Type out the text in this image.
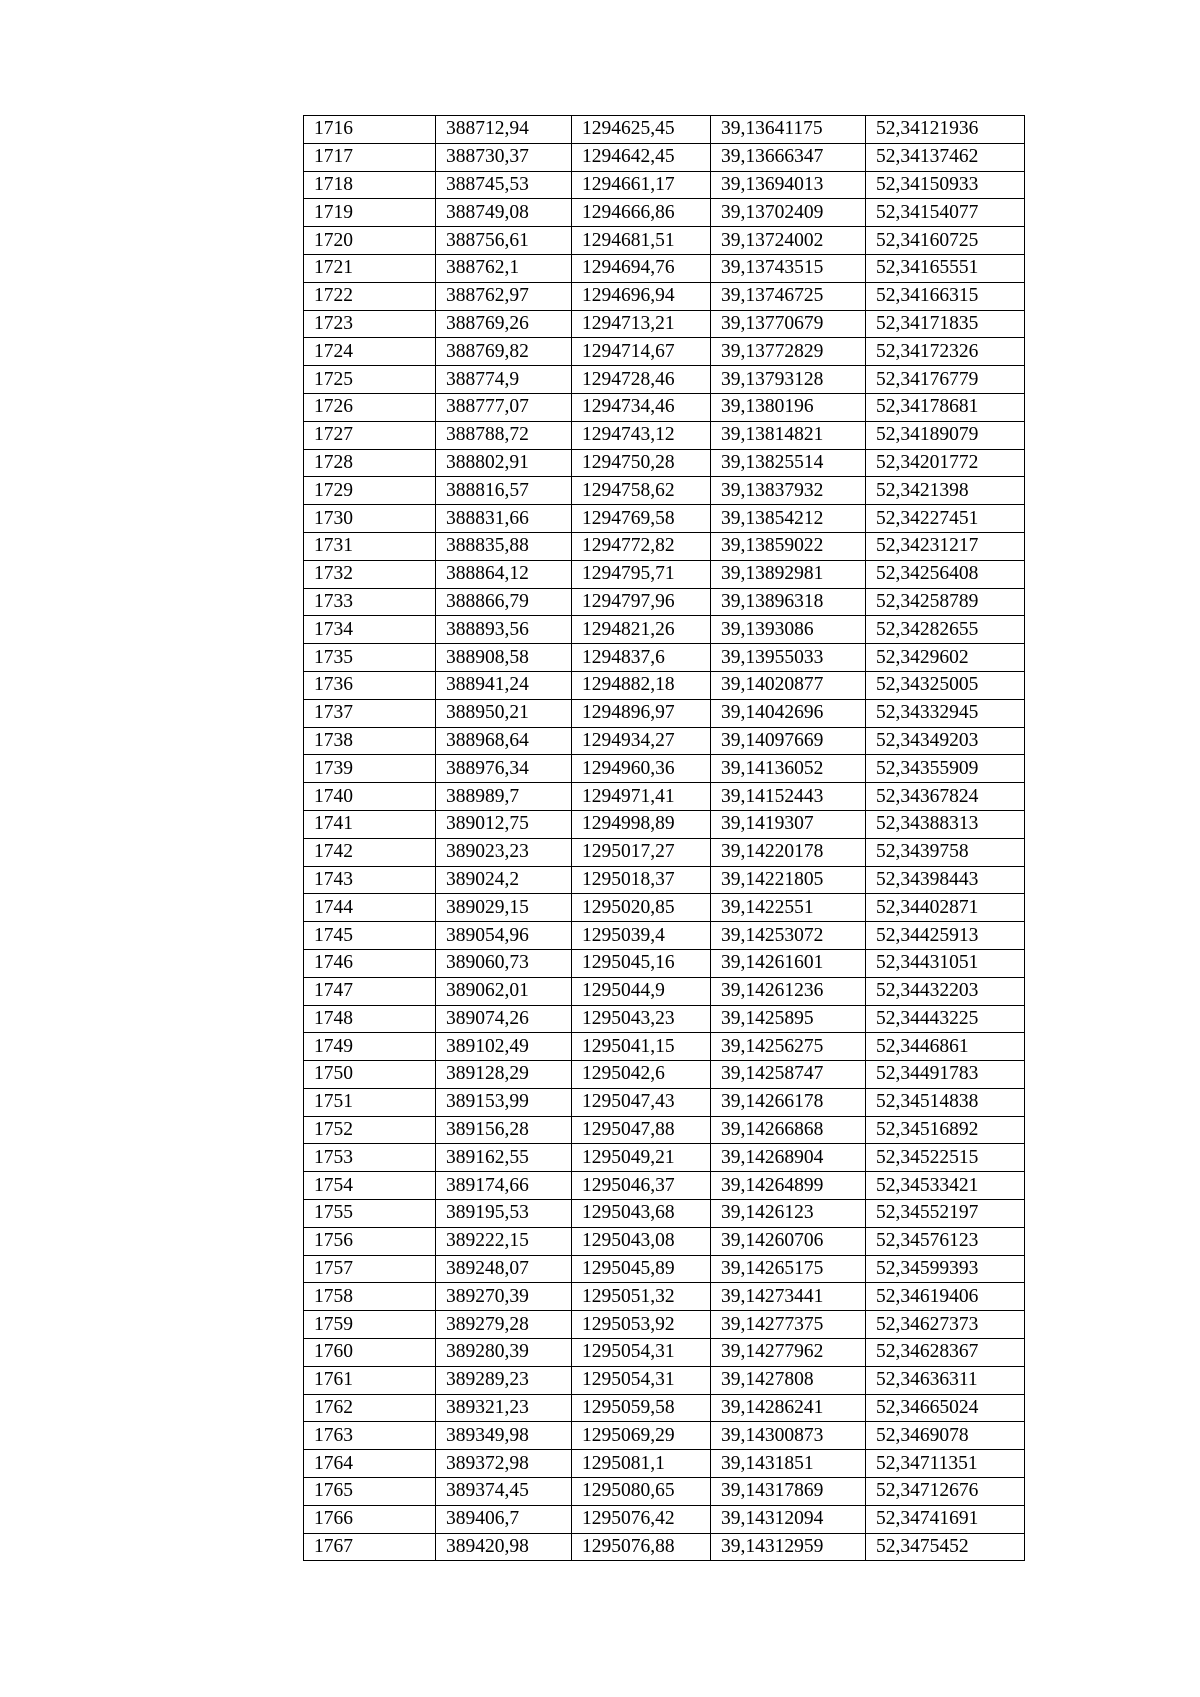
1716	388712,94	1294625,45	39,13641175	52,34121936
1717	388730,37	1294642,45	39,13666347	52,34137462
1718	388745,53	1294661,17	39,13694013	52,34150933
1719	388749,08	1294666,86	39,13702409	52,34154077
1720	388756,61	1294681,51	39,13724002	52,34160725
1721	388762,1	1294694,76	39,13743515	52,34165551
1722	388762,97	1294696,94	39,13746725	52,34166315
1723	388769,26	1294713,21	39,13770679	52,34171835
1724	388769,82	1294714,67	39,13772829	52,34172326
1725	388774,9	1294728,46	39,13793128	52,34176779
1726	388777,07	1294734,46	39,1380196	52,34178681
1727	388788,72	1294743,12	39,13814821	52,34189079
1728	388802,91	1294750,28	39,13825514	52,34201772
1729	388816,57	1294758,62	39,13837932	52,3421398
1730	388831,66	1294769,58	39,13854212	52,34227451
1731	388835,88	1294772,82	39,13859022	52,34231217
1732	388864,12	1294795,71	39,13892981	52,34256408
1733	388866,79	1294797,96	39,13896318	52,34258789
1734	388893,56	1294821,26	39,1393086	52,34282655
1735	388908,58	1294837,6	39,13955033	52,3429602
1736	388941,24	1294882,18	39,14020877	52,34325005
1737	388950,21	1294896,97	39,14042696	52,34332945
1738	388968,64	1294934,27	39,14097669	52,34349203
1739	388976,34	1294960,36	39,14136052	52,34355909
1740	388989,7	1294971,41	39,14152443	52,34367824
1741	389012,75	1294998,89	39,1419307	52,34388313
1742	389023,23	1295017,27	39,14220178	52,3439758
1743	389024,2	1295018,37	39,14221805	52,34398443
1744	389029,15	1295020,85	39,1422551	52,34402871
1745	389054,96	1295039,4	39,14253072	52,34425913
1746	389060,73	1295045,16	39,14261601	52,34431051
1747	389062,01	1295044,9	39,14261236	52,34432203
1748	389074,26	1295043,23	39,1425895	52,34443225
1749	389102,49	1295041,15	39,14256275	52,3446861
1750	389128,29	1295042,6	39,14258747	52,34491783
1751	389153,99	1295047,43	39,14266178	52,34514838
1752	389156,28	1295047,88	39,14266868	52,34516892
1753	389162,55	1295049,21	39,14268904	52,34522515
1754	389174,66	1295046,37	39,14264899	52,34533421
1755	389195,53	1295043,68	39,1426123	52,34552197
1756	389222,15	1295043,08	39,14260706	52,34576123
1757	389248,07	1295045,89	39,14265175	52,34599393
1758	389270,39	1295051,32	39,14273441	52,34619406
1759	389279,28	1295053,92	39,14277375	52,34627373
1760	389280,39	1295054,31	39,14277962	52,34628367
1761	389289,23	1295054,31	39,1427808	52,34636311
1762	389321,23	1295059,58	39,14286241	52,34665024
1763	389349,98	1295069,29	39,14300873	52,3469078
1764	389372,98	1295081,1	39,1431851	52,34711351
1765	389374,45	1295080,65	39,14317869	52,34712676
1766	389406,7	1295076,42	39,14312094	52,34741691
1767	389420,98	1295076,88	39,14312959	52,3475452
